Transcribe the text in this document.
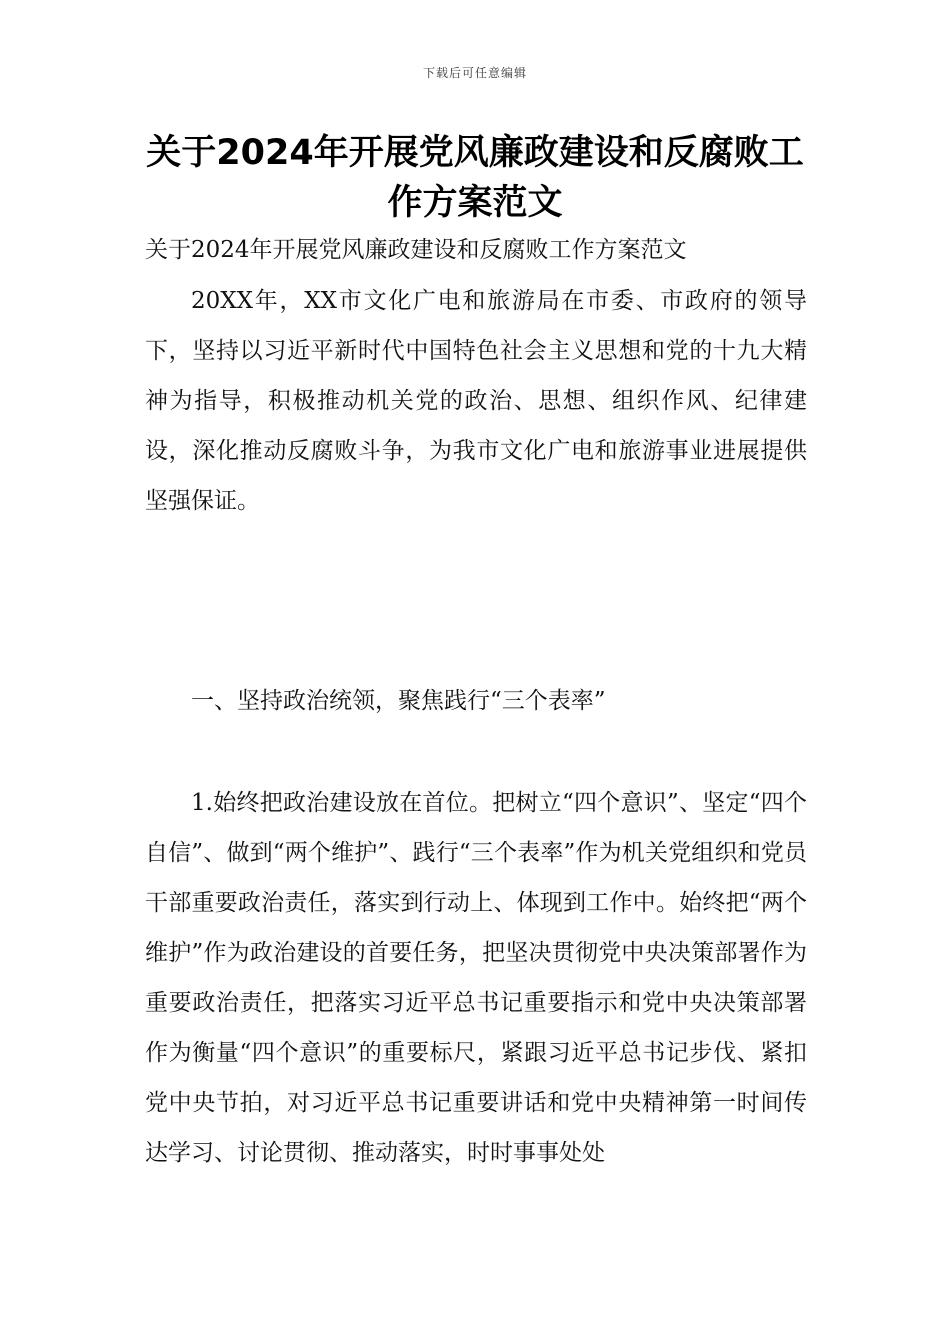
下载后可任意编辑
关于2024年开展党风廉政建设和反腐败工作方案范文

关于2024年开展党风廉政建设和反腐败工作方案范文

20XX年，XX市文化广电和旅游局在市委、市政府的领导下，坚持以习近平新时代中国特色社会主义思想和党的十九大精神为指导，积极推动机关党的政治、思想、组织作风、纪律建设，深化推动反腐败斗争，为我市文化广电和旅游事业进展提供坚强保证。

一、坚持政治统领，聚焦践行“三个表率”

1.始终把政治建设放在首位。把树立“四个意识”、坚定“四个自信”、做到“两个维护”、践行“三个表率”作为机关党组织和党员干部重要政治责任，落实到行动上、体现到工作中。始终把“两个维护”作为政治建设的首要任务，把坚决贯彻党中央决策部署作为重要政治责任，把落实习近平总书记重要指示和党中央决策部署作为衡量“四个意识”的重要标尺，紧跟习近平总书记步伐、紧扣党中央节拍，对习近平总书记重要讲话和党中央精神第一时间传达学习、讨论贯彻、推动落实，时时事事处处
